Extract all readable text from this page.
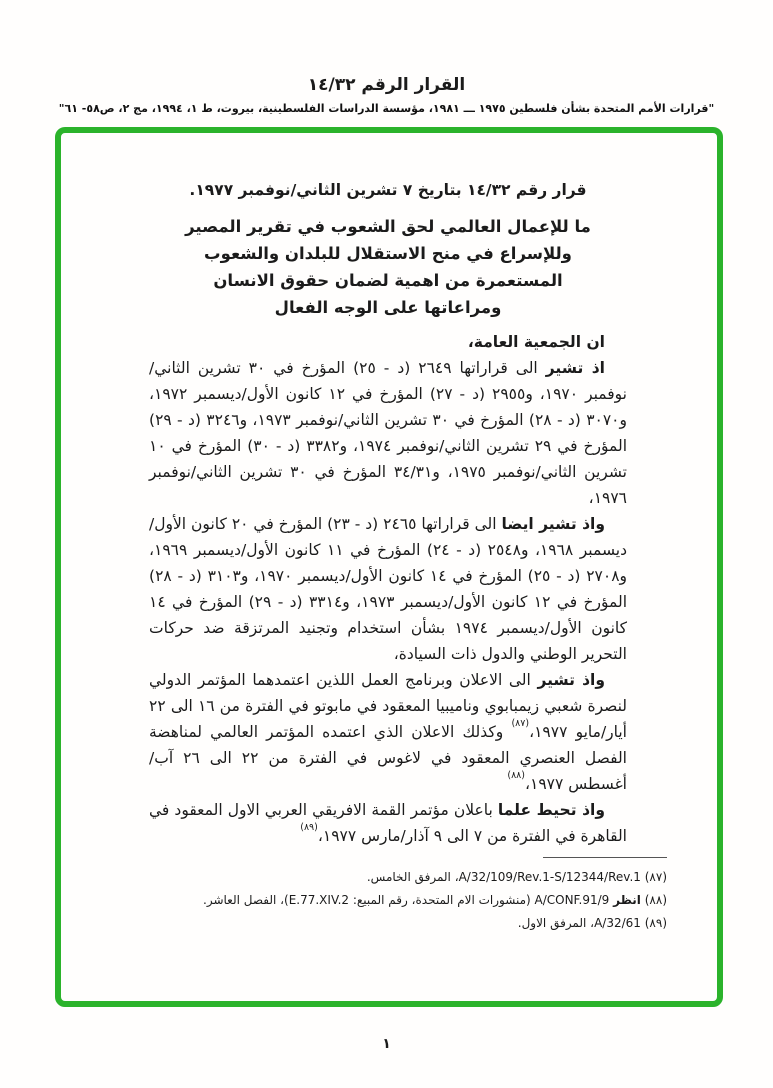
القرار الرقم ١٤/٣٢
"قرارات الأمم المتحدة بشأن فلسطين ١٩٧٥ ـــ ١٩٨١، مؤسسة الدراسات الفلسطينية، بيروت، ط ١، ١٩٩٤، مج ٢، ص٥٨- ٦١"

قرار رقم ١٤/٣٢ بتاريخ ٧ تشرين الثاني/نوفمبر ١٩٧٧.

ما للإعمال العالمي لحق الشعوب في تقرير المصير
وللإسراع في منح الاستقلال للبلدان والشعوب
المستعمرة من اهمية لضمان حقوق الانسان
ومراعاتها على الوجه الفعال

ان الجمعية العامة،

اذ تشير الى قراراتها ٢٦٤٩ (د - ٢٥) المؤرخ في ٣٠ تشرين الثاني/نوفمبر ١٩٧٠، و٢٩٥٥ (د - ٢٧) المؤرخ في ١٢ كانون الأول/ديسمبر ١٩٧٢، و٣٠٧٠ (د - ٢٨) المؤرخ في ٣٠ تشرين الثاني/نوفمبر ١٩٧٣، و٣٢٤٦ (د - ٢٩) المؤرخ في ٢٩ تشرين الثاني/نوفمبر ١٩٧٤، و٣٣٨٢ (د - ٣٠) المؤرخ في ١٠ تشرين الثاني/نوفمبر ١٩٧٥، و٣٤/٣١ المؤرخ في ٣٠ تشرين الثاني/نوفمبر ١٩٧٦،

واذ تشير ايضا الى قراراتها ٢٤٦٥ (د - ٢٣) المؤرخ في ٢٠ كانون الأول/ديسمبر ١٩٦٨، و٢٥٤٨ (د - ٢٤) المؤرخ في ١١ كانون الأول/ديسمبر ١٩٦٩، و٢٧٠٨ (د - ٢٥) المؤرخ في ١٤ كانون الأول/ديسمبر ١٩٧٠، و٣١٠٣ (د - ٢٨) المؤرخ في ١٢ كانون الأول/ديسمبر ١٩٧٣، و٣٣١٤ (د - ٢٩) المؤرخ في ١٤ كانون الأول/ديسمبر ١٩٧٤ بشأن استخدام وتجنيد المرتزقة ضد حركات التحرير الوطني والدول ذات السيادة،

واذ تشير الى الاعلان وبرنامج العمل اللذين اعتمدهما المؤتمر الدولي لنصرة شعبي زيمبابوي وناميبيا المعقود في مابوتو في الفترة من ١٦ الى ٢٢ أيار/مايو ١٩٧٧،$^{(٨٧)}$ وكذلك الاعلان الذي اعتمده المؤتمر العالمي لمناهضة الفصل العنصري المعقود في لاغوس في الفترة من ٢٢ الى ٢٦ آب/أغسطس ١٩٧٧،$^{(٨٨)}$

واذ تحيط علما باعلان مؤتمر القمة الافريقي العربي الاول المعقود في القاهرة في الفترة من ٧ الى ٩ آذار/مارس ١٩٧٧،$^{(٨٩)}$

(٨٧) A/32/109/Rev.1-S/12344/Rev.1، المرفق الخامس.

(٨٨) انظر A/CONF.91/9 (منشورات الام المتحدة، رقم المبيع: E.77.XIV.2)، الفصل العاشر.

(٨٩) A/32/61، المرفق الاول.

١
